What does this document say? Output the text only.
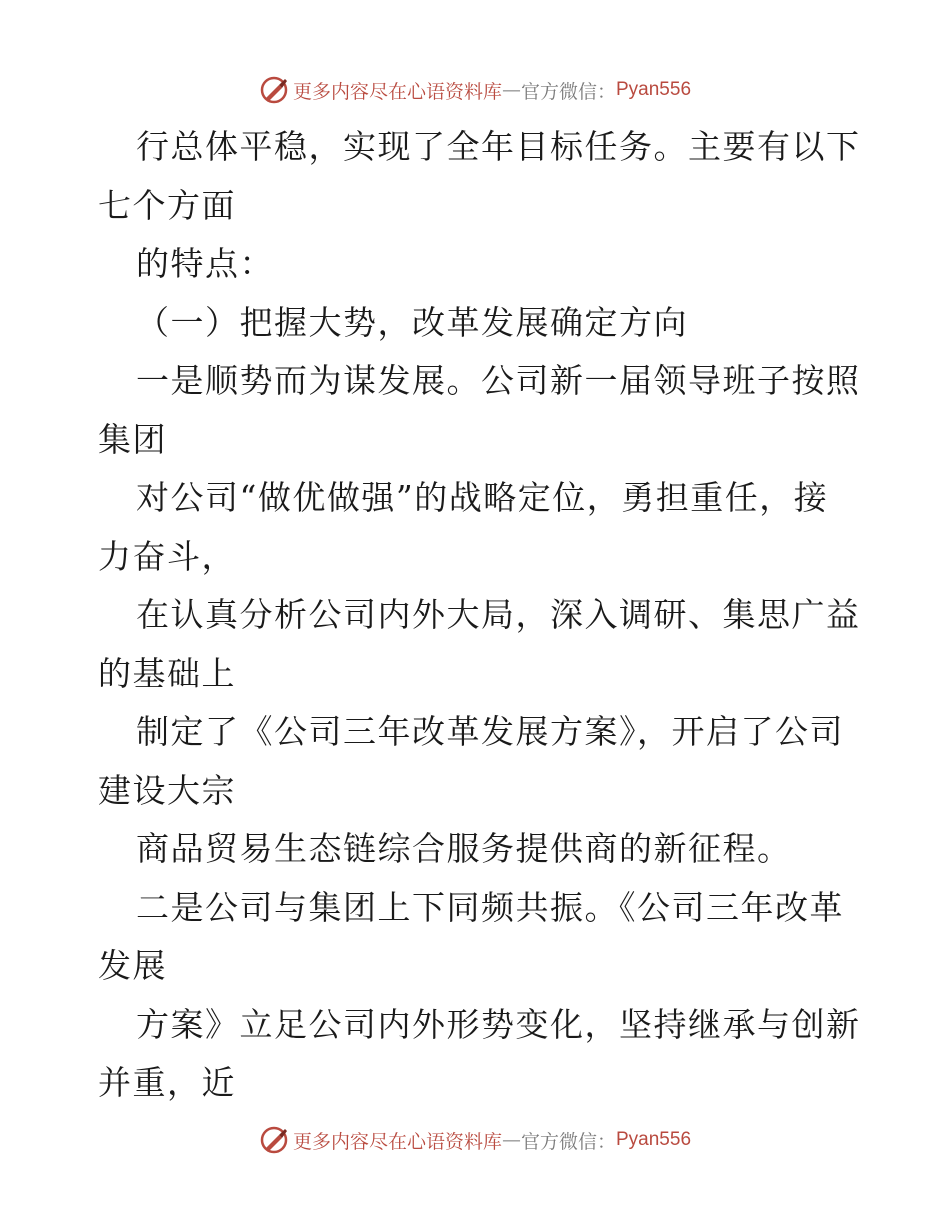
更多内容尽在心语资料库 — 官方微信： Pyan556
行总体平稳，实现了全年目标任务。主要有以下
七个方面
的特点：
（一）把握大势，改革发展确定方向
一是顺势而为谋发展。公司新一届领导班子按照
集团
对公司“做优做强”的战略定位，勇担重任，接
力奋斗，
在认真分析公司内外大局，深入调研、集思广益
的基础上
制定了《公司三年改革发展方案》，开启了公司
建设大宗
商品贸易生态链综合服务提供商的新征程。
二是公司与集团上下同频共振。《公司三年改革
发展
方案》立足公司内外形势变化，坚持继承与创新
并重，近
更多内容尽在心语资料库 — 官方微信： Pyan556
